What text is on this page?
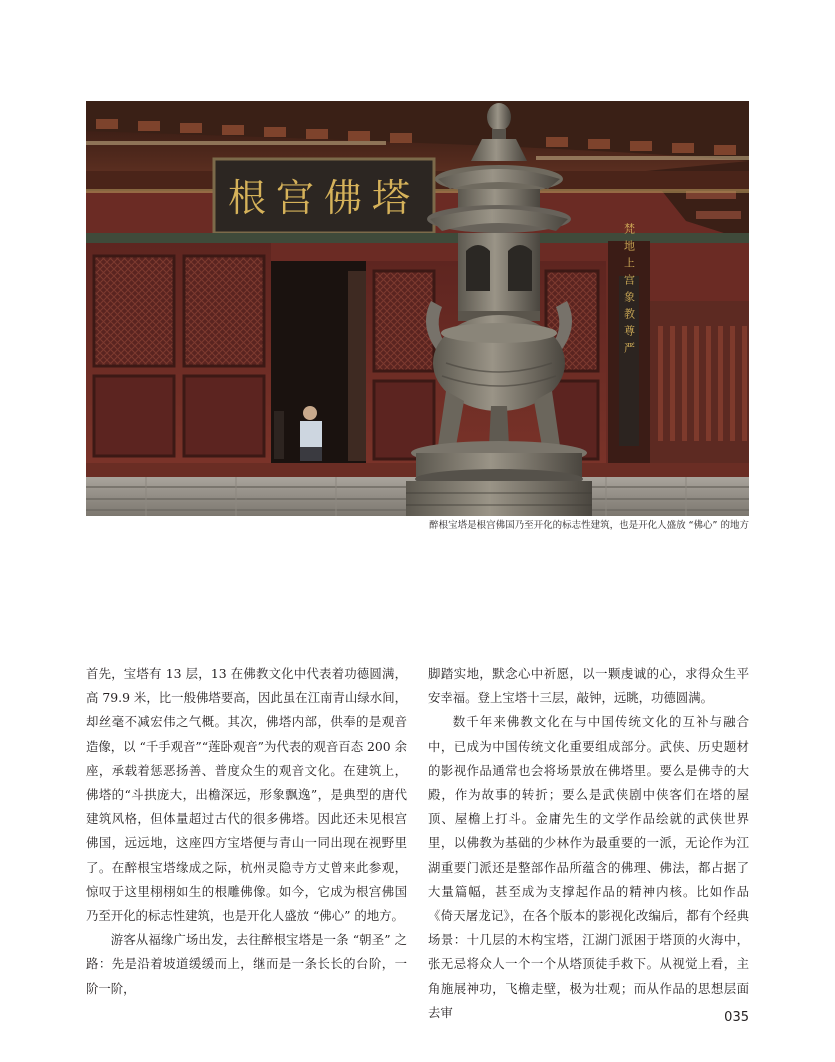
根宫佛塔
梵地上宫象教尊严
醉根宝塔是根宫佛国乃至开化的标志性建筑，也是开化人盛放 “佛心” 的地方

首先，宝塔有 13 层，13 在佛教文化中代表着功德圆满，高 79.9 米，比一般佛塔要高，因此虽在江南青山绿水间，却丝毫不减宏伟之气概。其次，佛塔内部，供奉的是观音造像，以 “千手观音”“莲卧观音”为代表的观音百态 200 余座，承载着惩恶扬善、普度众生的观音文化。在建筑上，佛塔的“斗拱庞大，出檐深远，形象飘逸”，是典型的唐代建筑风格，但体量超过古代的很多佛塔。因此还未见根宫佛国，远远地，这座四方宝塔便与青山一同出现在视野里了。在醉根宝塔缘成之际，杭州灵隐寺方丈曾来此参观，惊叹于这里栩栩如生的根雕佛像。如今，它成为根宫佛国乃至开化的标志性建筑，也是开化人盛放 “佛心” 的地方。

游客从福缘广场出发，去往醉根宝塔是一条 “朝圣” 之路：先是沿着坡道缓缓而上，继而是一条长长的台阶，一阶一阶，

脚踏实地，默念心中祈愿，以一颗虔诚的心，求得众生平安幸福。登上宝塔十三层，敲钟，远眺，功德圆满。

数千年来佛教文化在与中国传统文化的互补与融合中，已成为中国传统文化重要组成部分。武侠、历史题材的影视作品通常也会将场景放在佛塔里。要么是佛寺的大殿，作为故事的转折；要么是武侠剧中侠客们在塔的屋顶、屋檐上打斗。金庸先生的文学作品绘就的武侠世界里，以佛教为基础的少林作为最重要的一派，无论作为江湖重要门派还是整部作品所蕴含的佛理、佛法，都占据了大量篇幅，甚至成为支撑起作品的精神内核。比如作品《倚天屠龙记》，在各个版本的影视化改编后，都有个经典场景：十几层的木构宝塔，江湖门派困于塔顶的火海中，张无忌将众人一个一个从塔顶徒手救下。从视觉上看，主角施展神功，飞檐走壁，极为壮观；而从作品的思想层面去审	035
